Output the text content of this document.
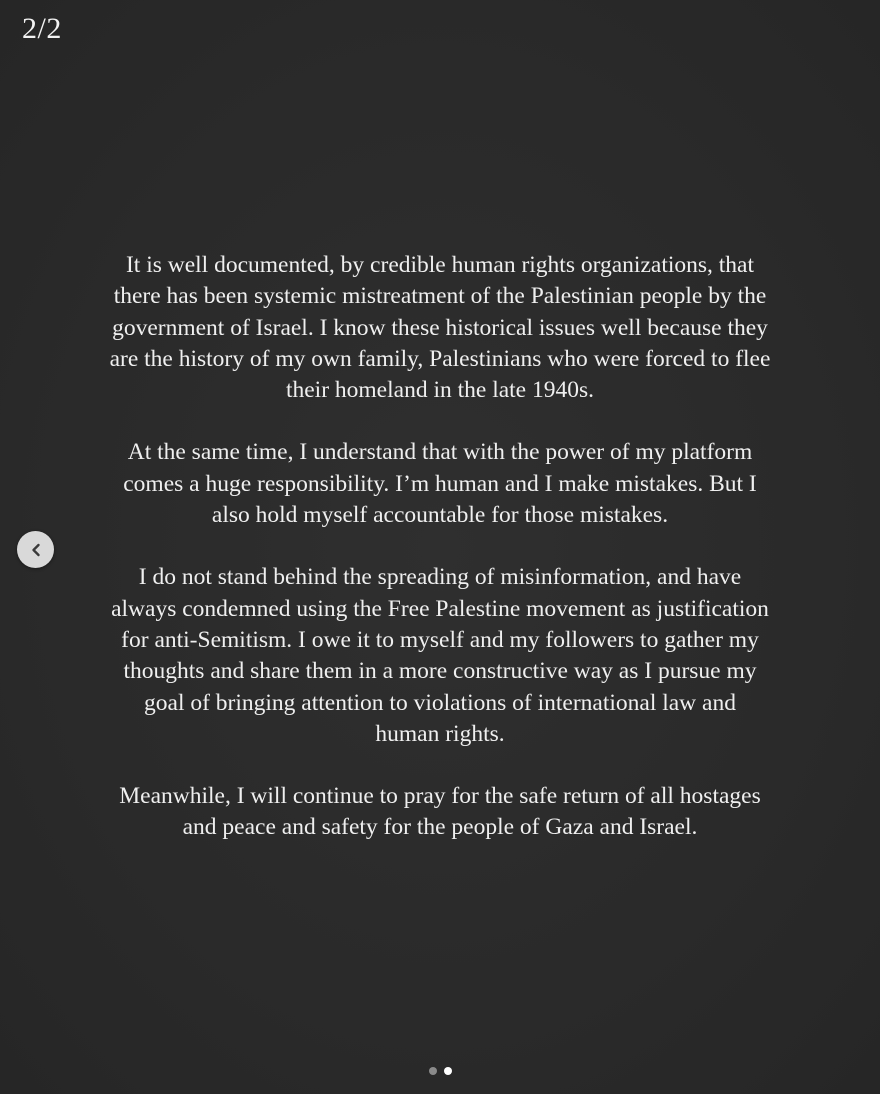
2/2

It is well documented, by credible human rights organizations, that
there has been systemic mistreatment of the Palestinian people by the
government of Israel. I know these historical issues well because they
are the history of my own family, Palestinians who were forced to flee
their homeland in the late 1940s.

At the same time, I understand that with the power of my platform
comes a huge responsibility. I’m human and I make mistakes. But I
also hold myself accountable for those mistakes.

I do not stand behind the spreading of misinformation, and have
always condemned using the Free Palestine movement as justification
for anti-Semitism. I owe it to myself and my followers to gather my
thoughts and share them in a more constructive way as I pursue my
goal of bringing attention to violations of international law and
human rights.

Meanwhile, I will continue to pray for the safe return of all hostages
and peace and safety for the people of Gaza and Israel.
